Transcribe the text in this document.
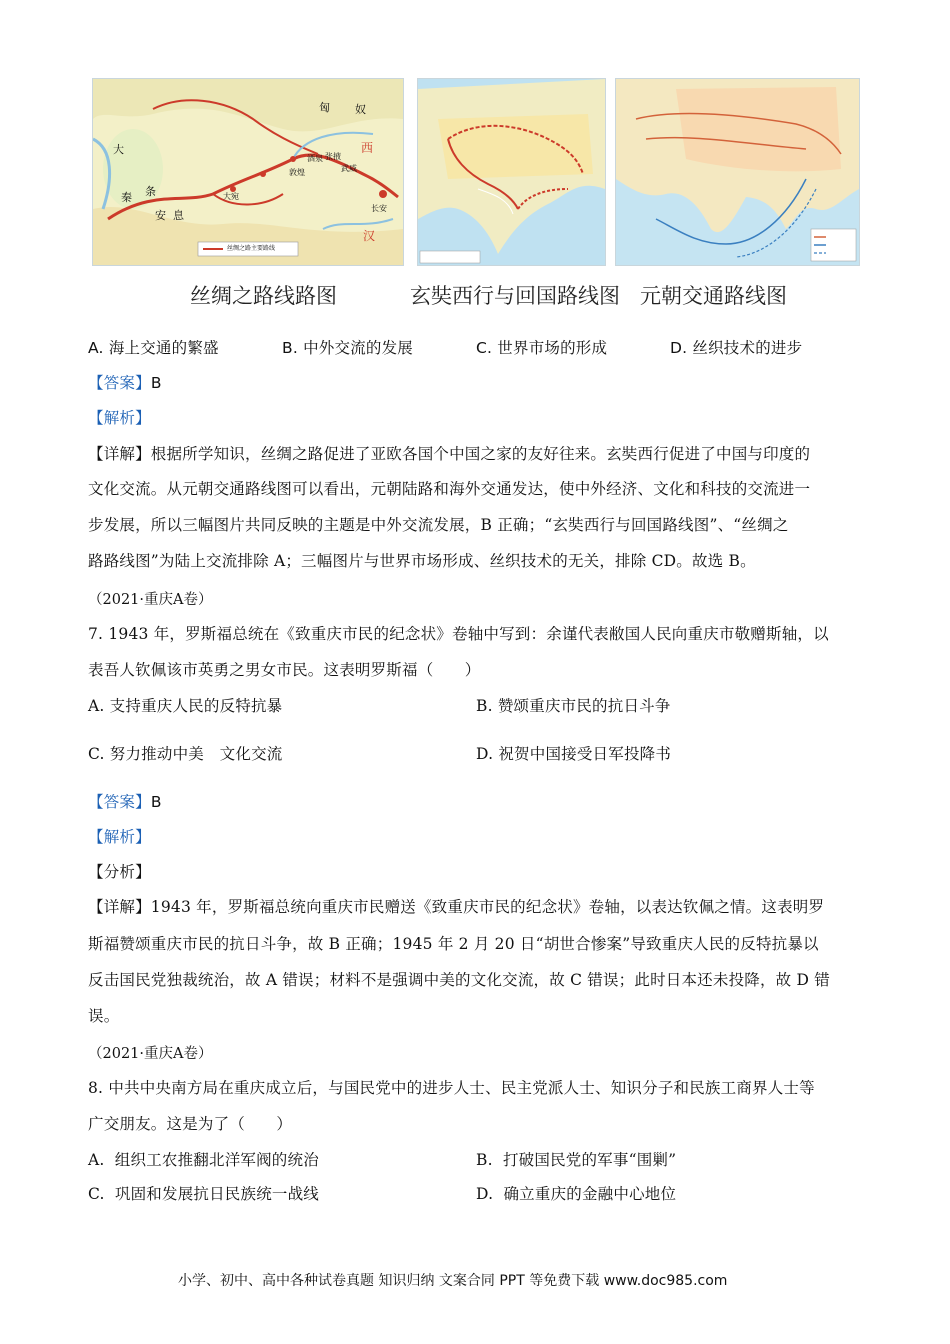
匈 奴
大
秦 条
安 息
大宛
敦煌
酒泉 张掖
武威
长安
西
汉
丝绸之路主要路线
丝绸之路线路图	玄奘西行与回国路线图 元朝交通路线图
A. 海上交通的繁盛	B. 中外交流的发展	C. 世界市场的形成	D. 丝织技术的进步
【答案】B
【解析】
【详解】根据所学知识，丝绸之路促进了亚欧各国个中国之家的友好往来。玄奘西行促进了中国与印度的
文化交流。从元朝交通路线图可以看出，元朝陆路和海外交通发达，使中外经济、文化和科技的交流进一
步发展，所以三幅图片共同反映的主题是中外交流发展，B 正确；“玄奘西行与回国路线图”、“丝绸之
路路线图”为陆上交流排除 A；三幅图片与世界市场形成、丝织技术的无关，排除 CD。故选 B。
（2021·重庆A卷）
7. 1943 年，罗斯福总统在《致重庆市民的纪念状》卷轴中写到：余谨代表敝国人民向重庆市敬赠斯轴，以
表吾人钦佩该市英勇之男女市民。这表明罗斯福（　　）
A. 支持重庆人民的反特抗暴	B. 赞颂重庆市民的抗日斗争
C. 努力推动中美　文化交流	D. 祝贺中国接受日军投降书
【答案】B
【解析】
【分析】
【详解】1943 年，罗斯福总统向重庆市民赠送《致重庆市民的纪念状》卷轴，以表达钦佩之情。这表明罗
斯福赞颂重庆市民的抗日斗争，故 B 正确；1945 年 2 月 20 日“胡世合惨案”导致重庆人民的反特抗暴以
反击国民党独裁统治，故 A 错误；材料不是强调中美的文化交流，故 C 错误；此时日本还未投降，故 D 错
误。
（2021·重庆A卷）
8. 中共中央南方局在重庆成立后，与国民党中的进步人士、民主党派人士、知识分子和民族工商界人士等
广交朋友。这是为了（　　）
A. 组织工农推翻北洋军阀的统治	B. 打破国民党的军事“围剿”
C. 巩固和发展抗日民族统一战线	D. 确立重庆的金融中心地位
小学、初中、高中各种试卷真题 知识归纳 文案合同 PPT 等免费下载 www.doc985.com
